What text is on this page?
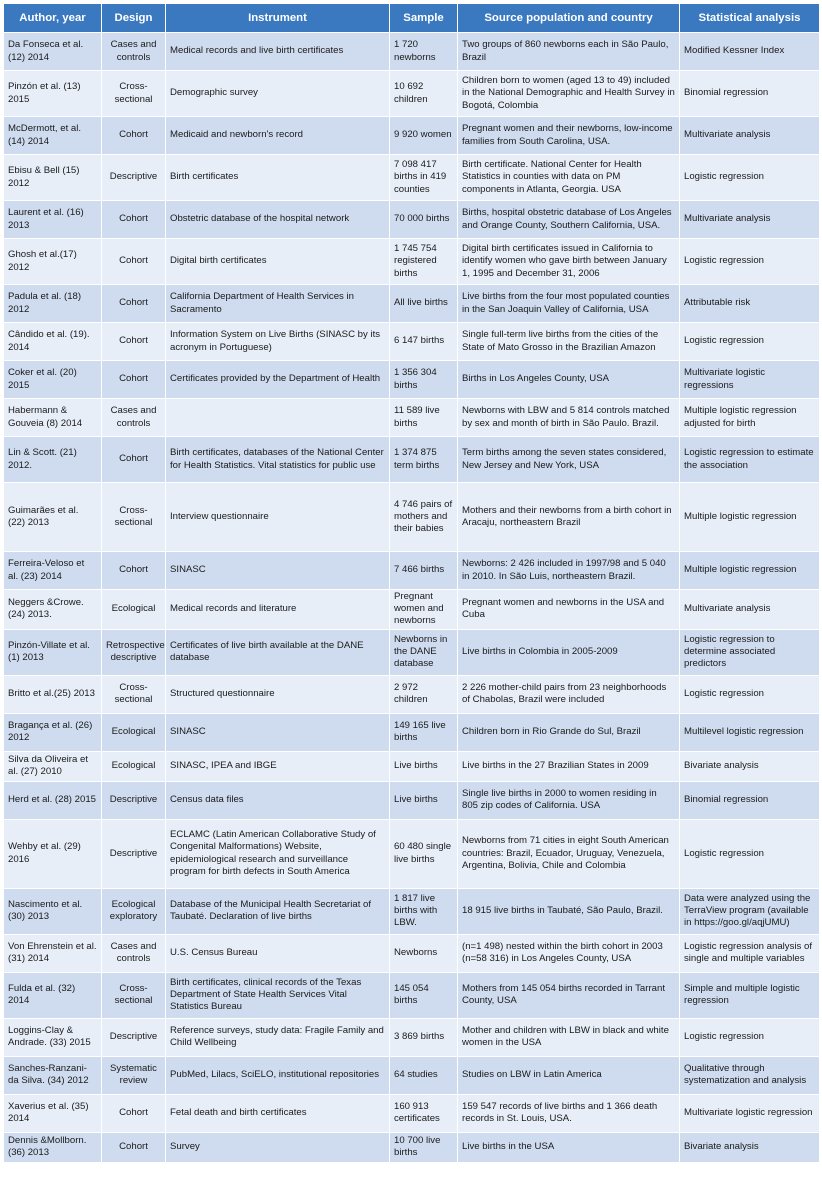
Author, year	Design	Instrument	Sample	Source population and country	Statistical analysis
Da Fonseca et al. (12) 2014	Cases and controls	Medical records and live birth certificates	1 720 newborns	Two groups of 860 newborns each in São Paulo, Brazil	Modified Kessner Index
Pinzón et al. (13) 2015	Cross-sectional	Demographic survey	10 692 children	Children born to women (aged 13 to 49) included in the National Demographic and Health Survey in Bogotá, Colombia	Binomial regression
McDermott, et al. (14) 2014	Cohort	Medicaid and newborn's record	9 920 women	Pregnant women and their newborns, low-income families from South Carolina, USA.	Multivariate analysis
Ebisu & Bell (15) 2012	Descriptive	Birth certificates	7 098 417 births in 419 counties	Birth certificate. National Center for Health Statistics in counties with data on PM components in Atlanta, Georgia. USA	Logistic regression
Laurent et al. (16) 2013	Cohort	Obstetric database of the hospital network	70 000 births	Births, hospital obstetric database of Los Angeles and Orange County, Southern California, USA.	Multivariate analysis
Ghosh et al.(17) 2012	Cohort	Digital birth certificates	1 745 754 registered births	Digital birth certificates issued in California to identify women who gave birth between January 1, 1995 and December 31, 2006	Logistic regression
Padula et al. (18) 2012	Cohort	California Department of Health Services in Sacramento	All live births	Live births from the four most populated counties in the San Joaquin Valley of California, USA	Attributable risk
Cândido et al. (19). 2014	Cohort	Information System on Live Births (SINASC by its acronym in Portuguese)	6 147 births	Single full-term live births from the cities of the State of Mato Grosso in the Brazilian Amazon	Logistic regression
Coker et al. (20) 2015	Cohort	Certificates provided by the Department of Health	1 356 304 births	Births in Los Angeles County, USA	Multivariate logistic regressions
Habermann & Gouveia (8) 2014	Cases and controls		11 589 live births	Newborns with LBW and 5 814 controls matched by sex and month of birth in São Paulo. Brazil.	Multiple logistic regression adjusted for birth
Lin & Scott. (21) 2012.	Cohort	Birth certificates, databases of the National Center for Health Statistics. Vital statistics for public use	1 374 875 term births	Term births among the seven states considered, New Jersey and New York, USA	Logistic regression to estimate the association
Guimarães et al. (22) 2013	Cross-sectional	Interview questionnaire	4 746 pairs of mothers and their babies	Mothers and their newborns from a birth cohort in Aracaju, northeastern Brazil	Multiple logistic regression
Ferreira-Veloso et al. (23) 2014	Cohort	SINASC	7 466 births	Newborns: 2 426 included in 1997/98 and 5 040 in 2010. In São Luis, northeastern Brazil.	Multiple logistic regression
Neggers &Crowe. (24) 2013.	Ecological	Medical records and literature	Pregnant women and newborns	Pregnant women and newborns in the USA and Cuba	Multivariate analysis
Pinzón-Villate et al. (1) 2013	Retrospective descriptive	Certificates of live birth available at the DANE database	Newborns in the DANE database	Live births in Colombia in 2005-2009	Logistic regression to determine associated predictors
Britto et al.(25) 2013	Cross-sectional	Structured questionnaire	2 972 children	2 226 mother-child pairs from 23 neighborhoods of Chabolas, Brazil were included	Logistic regression
Bragança et al. (26) 2012	Ecological	SINASC	149 165 live births	Children born in Rio Grande do Sul, Brazil	Multilevel logistic regression
Silva da Oliveira et al. (27) 2010	Ecological	SINASC, IPEA and IBGE	Live births	Live births in the 27 Brazilian States in 2009	Bivariate analysis
Herd et al. (28) 2015	Descriptive	Census data files	Live births	Single live births in 2000 to women residing in 805 zip codes of California. USA	Binomial regression
Wehby et al. (29) 2016	Descriptive	ECLAMC (Latin American Collaborative Study of Congenital Malformations) Website, epidemiological research and surveillance program for birth defects in South America	60 480 single live births	Newborns from 71 cities in eight South American countries: Brazil, Ecuador, Uruguay, Venezuela, Argentina, Bolivia, Chile and Colombia	Logistic regression
Nascimento et al. (30) 2013	Ecological exploratory	Database of the Municipal Health Secretariat of Taubaté. Declaration of live births	1 817 live births with LBW.	18 915 live births in Taubaté, São Paulo, Brazil.	Data were analyzed using the TerraView program (available in https://goo.gl/aqjUMU)
Von Ehrenstein et al. (31) 2014	Cases and controls	U.S. Census Bureau	Newborns	(n=1 498) nested within the birth cohort in 2003 (n=58 316) in Los Angeles County, USA	Logistic regression analysis of single and multiple variables
Fulda et al. (32) 2014	Cross-sectional	Birth certificates, clinical records of the Texas Department of State Health Services Vital Statistics Bureau	145 054 births	Mothers from 145 054 births recorded in Tarrant County, USA	Simple and multiple logistic regression
Loggins-Clay & Andrade. (33) 2015	Descriptive	Reference surveys, study data: Fragile Family and Child Wellbeing	3 869 births	Mother and children with LBW in black and white women in the USA	Logistic regression
Sanches-Ranzani-da Silva. (34) 2012	Systematic review	PubMed, Lilacs, SciELO, institutional repositories	64 studies	Studies on LBW in Latin America	Qualitative through systematization and analysis
Xaverius et al. (35) 2014	Cohort	Fetal death and birth certificates	160 913 certificates	159 547 records of live births and 1 366 death records in St. Louis, USA.	Multivariate logistic regression
Dennis &Mollborn. (36) 2013	Cohort	Survey	10 700 live births	Live births in the USA	Bivariate analysis
